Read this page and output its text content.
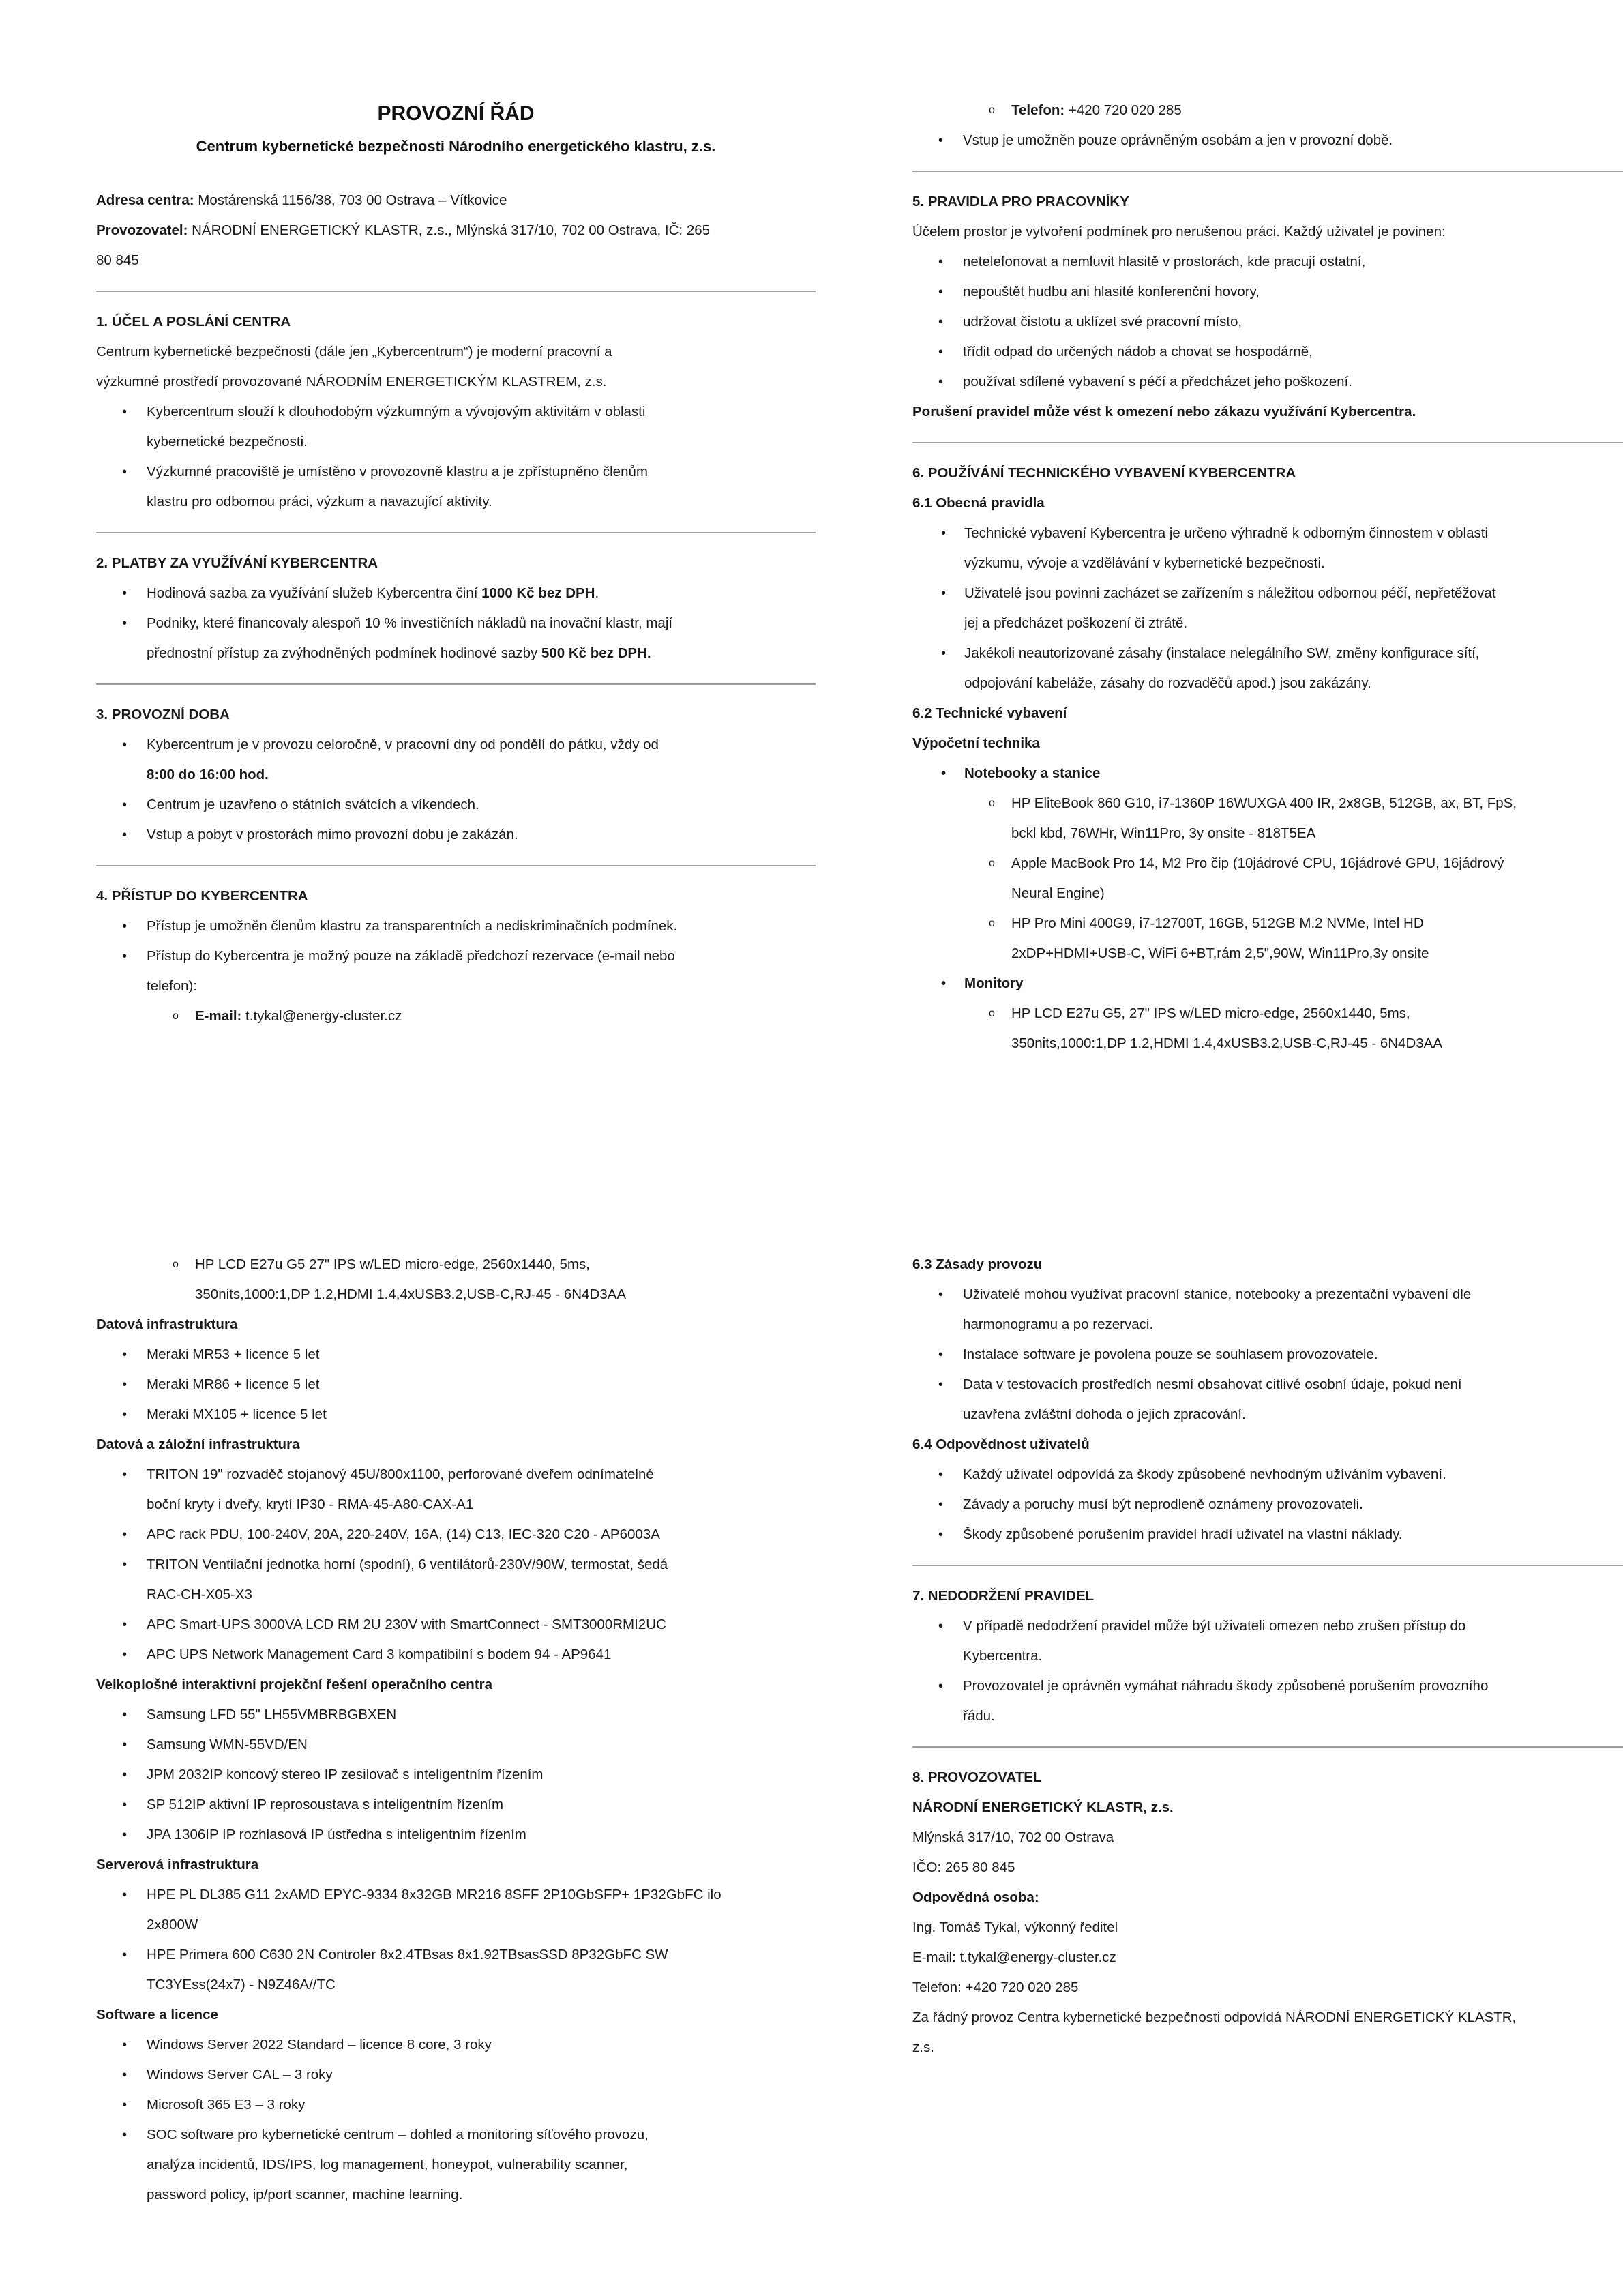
PROVOZNÍ ŘÁD
Centrum kybernetické bezpečnosti Národního energetického klastru, z.s.

Adresa centra: Mostárenská 1156/38, 703 00 Ostrava – Vítkovice

Provozovatel: NÁRODNÍ ENERGETICKÝ KLASTR, z.s., Mlýnská 317/10, 702 00 Ostrava, IČ: 265

80 845

1. ÚČEL A POSLÁNÍ CENTRA

Centrum kybernetické bezpečnosti (dále jen „Kybercentrum“) je moderní pracovní a

výzkumné prostředí provozované NÁRODNÍM ENERGETICKÝM KLASTREM, z.s.

• Kybercentrum slouží k dlouhodobým výzkumným a vývojovým aktivitám v oblasti
kybernetické bezpečnosti.
• Výzkumné pracoviště je umístěno v provozovně klastru a je zpřístupněno členům
klastru pro odbornou práci, výzkum a navazující aktivity.

2. PLATBY ZA VYUŽÍVÁNÍ KYBERCENTRA

• Hodinová sazba za využívání služeb Kybercentra činí 1000 Kč bez DPH.
• Podniky, které financovaly alespoň 10 % investičních nákladů na inovační klastr, mají
přednostní přístup za zvýhodněných podmínek hodinové sazby 500 Kč bez DPH.

3. PROVOZNÍ DOBA

• Kybercentrum je v provozu celoročně, v pracovní dny od pondělí do pátku, vždy od
8:00 do 16:00 hod.
• Centrum je uzavřeno o státních svátcích a víkendech.
• Vstup a pobyt v prostorách mimo provozní dobu je zakázán.

4. PŘÍSTUP DO KYBERCENTRA

• Přístup je umožněn členům klastru za transparentních a nediskriminačních podmínek.
• Přístup do Kybercentra je možný pouze na základě předchozí rezervace (e-mail nebo
telefon):
o E-mail: t.tykal@energy-cluster.cz
o Telefon: +420 720 020 285
• Vstup je umožněn pouze oprávněným osobám a jen v provozní době.

5. PRAVIDLA PRO PRACOVNÍKY

Účelem prostor je vytvoření podmínek pro nerušenou práci. Každý uživatel je povinen:

• netelefonovat a nemluvit hlasitě v prostorách, kde pracují ostatní,
• nepouštět hudbu ani hlasité konferenční hovory,
• udržovat čistotu a uklízet své pracovní místo,
• třídit odpad do určených nádob a chovat se hospodárně,
• používat sdílené vybavení s péčí a předcházet jeho poškození.

Porušení pravidel může vést k omezení nebo zákazu využívání Kybercentra.

6. POUŽÍVÁNÍ TECHNICKÉHO VYBAVENÍ KYBERCENTRA

6.1 Obecná pravidla

• Technické vybavení Kybercentra je určeno výhradně k odborným činnostem v oblasti
výzkumu, vývoje a vzdělávání v kybernetické bezpečnosti.
• Uživatelé jsou povinni zacházet se zařízením s náležitou odbornou péčí, nepřetěžovat
jej a předcházet poškození či ztrátě.
• Jakékoli neautorizované zásahy (instalace nelegálního SW, změny konfigurace sítí,
odpojování kabeláže, zásahy do rozvaděčů apod.) jsou zakázány.

6.2 Technické vybavení

Výpočetní technika

• Notebooky a stanice
o HP EliteBook 860 G10, i7-1360P 16WUXGA 400 IR, 2x8GB, 512GB, ax, BT, FpS,
bckl kbd, 76WHr, Win11Pro, 3y onsite - 818T5EA
o Apple MacBook Pro 14, M2 Pro čip (10jádrové CPU, 16jádrové GPU, 16jádrový
Neural Engine)
o HP Pro Mini 400G9, i7-12700T, 16GB, 512GB M.2 NVMe, Intel HD
2xDP+HDMI+USB-C, WiFi 6+BT,rám 2,5",90W, Win11Pro,3y onsite
• Monitory
o HP LCD E27u G5, 27" IPS w/LED micro-edge, 2560x1440, 5ms,
350nits,1000:1,DP 1.2,HDMI 1.4,4xUSB3.2,USB-C,RJ-45 - 6N4D3AA
o HP LCD E27u G5 27" IPS w/LED micro-edge, 2560x1440, 5ms,
350nits,1000:1,DP 1.2,HDMI 1.4,4xUSB3.2,USB-C,RJ-45 - 6N4D3AA

Datová infrastruktura

• Meraki MR53 + licence 5 let
• Meraki MR86 + licence 5 let
• Meraki MX105 + licence 5 let

Datová a záložní infrastruktura

• TRITON 19" rozvaděč stojanový 45U/800x1100, perforované dveřem odnímatelné
boční kryty i dveřy, krytí IP30 - RMA-45-A80-CAX-A1
• APC rack PDU, 100-240V, 20A, 220-240V, 16A, (14) C13, IEC-320 C20 - AP6003A
• TRITON Ventilační jednotka horní (spodní), 6 ventilátorů-230V/90W, termostat, šedá
RAC-CH-X05-X3
• APC Smart-UPS 3000VA LCD RM 2U 230V with SmartConnect - SMT3000RMI2UC
• APC UPS Network Management Card 3 kompatibilní s bodem 94 - AP9641

Velkoplošné interaktivní projekční řešení operačního centra

• Samsung LFD 55" LH55VMBRBGBXEN
• Samsung WMN-55VD/EN
• JPM 2032IP koncový stereo IP zesilovač s inteligentním řízením
• SP 512IP aktivní IP reprosoustava s inteligentním řízením
• JPA 1306IP IP rozhlasová IP ústředna s inteligentním řízením

Serverová infrastruktura

• HPE PL DL385 G11 2xAMD EPYC-9334 8x32GB MR216 8SFF 2P10GbSFP+ 1P32GbFC ilo
2x800W
• HPE Primera 600 C630 2N Controler 8x2.4TBsas 8x1.92TBsasSSD 8P32GbFC SW
TC3YEss(24x7) - N9Z46A//TC

Software a licence

• Windows Server 2022 Standard – licence 8 core, 3 roky
• Windows Server CAL – 3 roky
• Microsoft 365 E3 – 3 roky
• SOC software pro kybernetické centrum – dohled a monitoring síťového provozu,
analýza incidentů, IDS/IPS, log management, honeypot, vulnerability scanner,
password policy, ip/port scanner, machine learning.

6.3 Zásady provozu

• Uživatelé mohou využívat pracovní stanice, notebooky a prezentační vybavení dle
harmonogramu a po rezervaci.
• Instalace software je povolena pouze se souhlasem provozovatele.
• Data v testovacích prostředích nesmí obsahovat citlivé osobní údaje, pokud není
uzavřena zvláštní dohoda o jejich zpracování.

6.4 Odpovědnost uživatelů

• Každý uživatel odpovídá za škody způsobené nevhodným užíváním vybavení.
• Závady a poruchy musí být neprodleně oznámeny provozovateli.
• Škody způsobené porušením pravidel hradí uživatel na vlastní náklady.

7. NEDODRŽENÍ PRAVIDEL

• V případě nedodržení pravidel může být uživateli omezen nebo zrušen přístup do
Kybercentra.
• Provozovatel je oprávněn vymáhat náhradu škody způsobené porušením provozního
řádu.

8. PROVOZOVATEL

NÁRODNÍ ENERGETICKÝ KLASTR, z.s.

Mlýnská 317/10, 702 00 Ostrava

IČO: 265 80 845

Odpovědná osoba:

Ing. Tomáš Tykal, výkonný ředitel

E-mail: t.tykal@energy-cluster.cz

Telefon: +420 720 020 285

Za řádný provoz Centra kybernetické bezpečnosti odpovídá NÁRODNÍ ENERGETICKÝ KLASTR,

z.s.
